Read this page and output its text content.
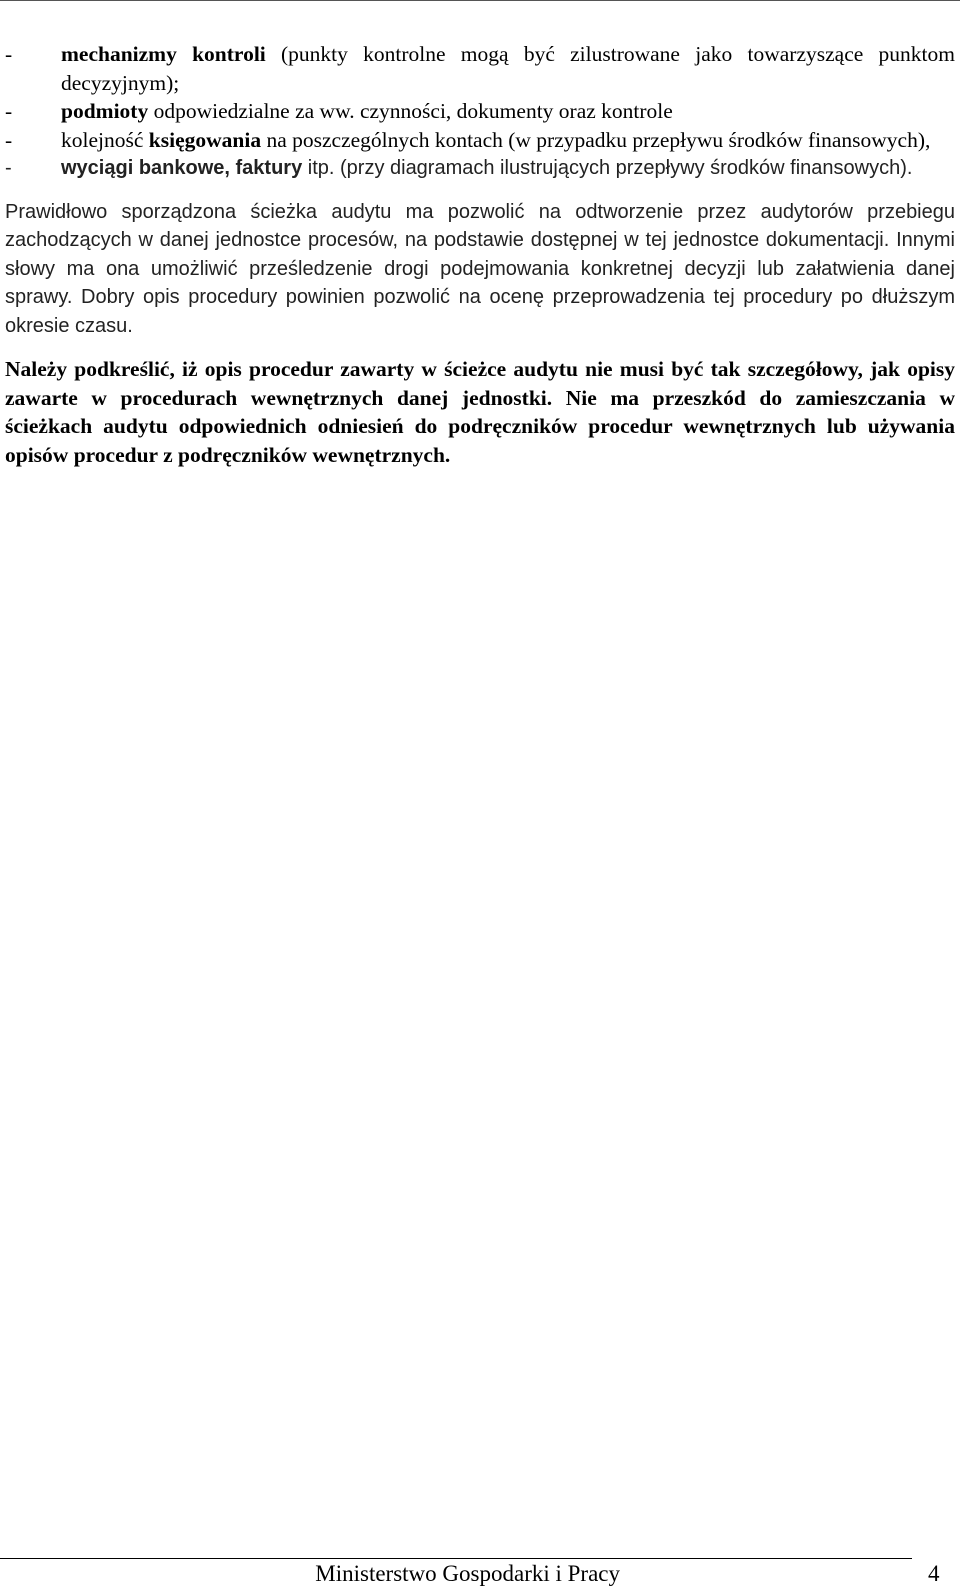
- mechanizmy kontroli (punkty kontrolne mogą być zilustrowane jako towarzyszące punktom decyzyjnym);
- podmioty odpowiedzialne za ww. czynności, dokumenty oraz kontrole
- kolejność księgowania na poszczególnych kontach (w przypadku przepływu środków finansowych),
- wyciągi bankowe, faktury itp. (przy diagramach ilustrujących przepływy środków finansowych).

Prawidłowo sporządzona ścieżka audytu ma pozwolić na odtworzenie przez audytorów przebiegu zachodzących w danej jednostce procesów, na podstawie dostępnej w tej jednostce dokumentacji. Innymi słowy ma ona umożliwić prześledzenie drogi podejmowania konkretnej decyzji lub załatwienia danej sprawy. Dobry opis procedury powinien pozwolić na ocenę przeprowadzenia tej procedury po dłuższym okresie czasu.

Należy podkreślić, iż opis procedur zawarty w ścieżce audytu nie musi być tak szczegółowy, jak opisy zawarte w procedurach wewnętrznych danej jednostki. Nie ma przeszkód do zamieszczania w ścieżkach audytu odpowiednich odniesień do podręczników procedur wewnętrznych lub używania opisów procedur z podręczników wewnętrznych.

Ministerstwo Gospodarki i Pracy	4
